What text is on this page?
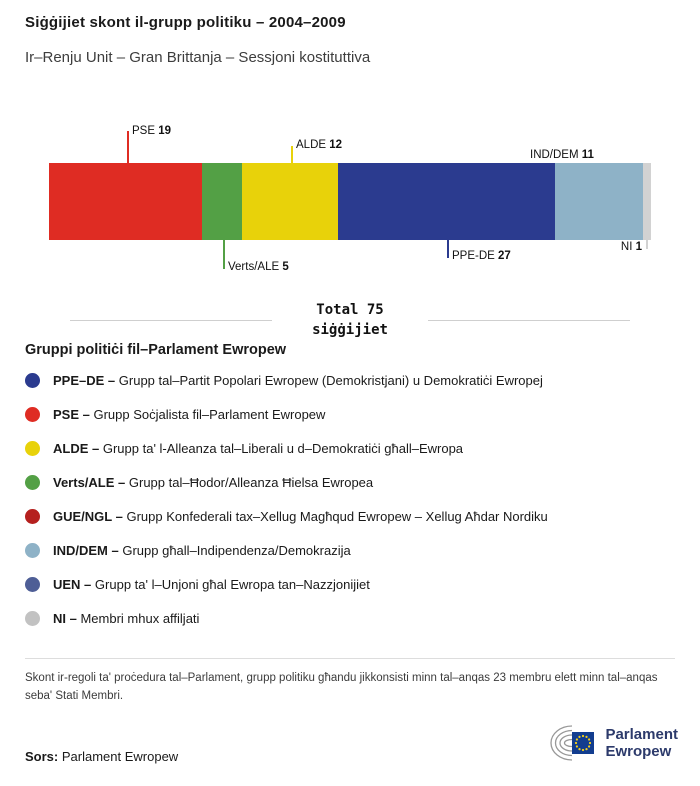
Siġġijiet skont il-grupp politiku – 2004–2009
Ir–Renju Unit – Gran Brittanja – Sessjoni kostituttiva
PSE 19
ALDE 12
IND/DEM 11
Verts/ALE 5
PPE-DE 27
NI 1
Total 75
siġġijiet
Gruppi politiċi fil–Parlament Ewropew
PPE–DE – Grupp tal–Partit Popolari Ewropew (Demokristjani) u Demokratiċi Ewropej
PSE – Grupp Soċjalista fil–Parlament Ewropew
ALDE – Grupp ta' l-Alleanza tal–Liberali u d–Demokratiċi għall–Ewropa
Verts/ALE – Grupp tal–Ħodor/Alleanza Ħielsa Ewropea
GUE/NGL – Grupp Konfederali tax–Xellug Magħqud Ewropew – Xellug Aħdar Nordiku
IND/DEM – Grupp għall–Indipendenza/Demokrazija
UEN – Grupp ta' l–Unjoni għal Ewropa tan–Nazzjonijiet
NI – Membri mhux affiljati
Skont ir-regoli ta' proċedura tal–Parlament, grupp politiku għandu jikkonsisti minn tal–anqas 23 membru elett minn tal–anqas seba' Stati Membri.
Sors: Parlament Ewropew
Parlament
Ewropew
